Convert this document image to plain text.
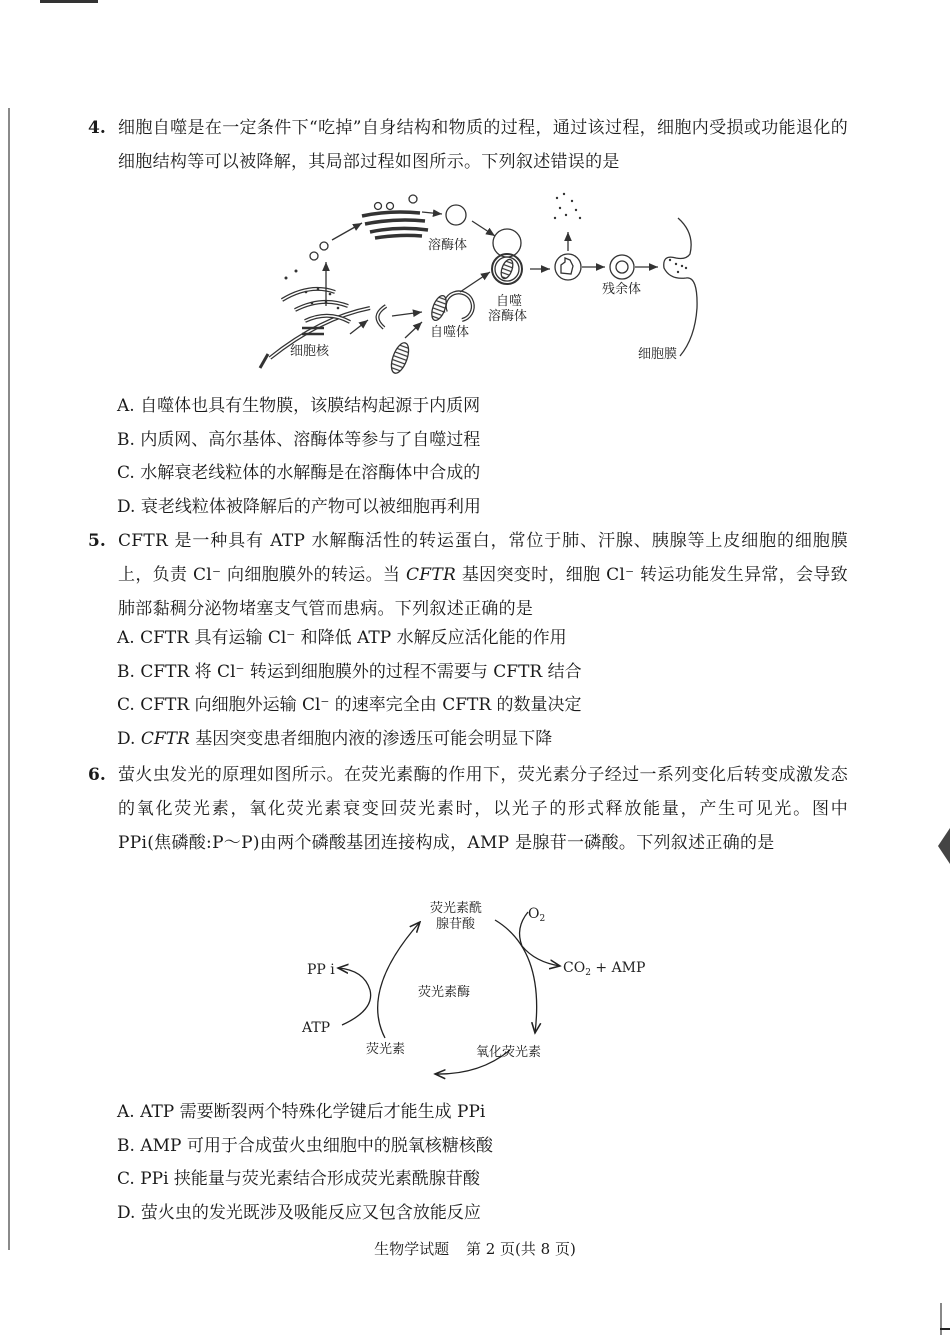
4. 细胞自噬是在一定条件下“吃掉”自身结构和物质的过程，通过该过程，细胞内受损或功能退化的细胞结构等可以被降解，其局部过程如图所示。下列叙述错误的是
溶酶体
自噬
溶酶体
残余体
细胞核
自噬体
细胞膜
A. 自噬体也具有生物膜，该膜结构起源于内质网
B. 内质网、高尔基体、溶酶体等参与了自噬过程
C. 水解衰老线粒体的水解酶是在溶酶体中合成的
D. 衰老线粒体被降解后的产物可以被细胞再利用
5. CFTR 是一种具有 ATP 水解酶活性的转运蛋白，常位于肺、汗腺、胰腺等上皮细胞的细胞膜上，负责 Cl⁻ 向细胞膜外的转运。当 CFTR 基因突变时，细胞 Cl⁻ 转运功能发生异常，会导致肺部黏稠分泌物堵塞支气管而患病。下列叙述正确的是
A. CFTR 具有运输 Cl⁻ 和降低 ATP 水解反应活化能的作用
B. CFTR 将 Cl⁻ 转运到细胞膜外的过程不需要与 CFTR 结合
C. CFTR 向细胞外运输 Cl⁻ 的速率完全由 CFTR 的数量决定
D. CFTR 基因突变患者细胞内液的渗透压可能会明显下降
6. 萤火虫发光的原理如图所示。在荧光素酶的作用下，荧光素分子经过一系列变化后转变成激发态的氧化荧光素，氧化荧光素衰变回荧光素时，以光子的形式释放能量，产生可见光。图中 PPi(焦磷酸:P～P)由两个磷酸基团连接构成，AMP 是腺苷一磷酸。下列叙述正确的是
荧光素酰
腺苷酸
$O_2$
$CO_2$ + AMP
PP i
ATP
荧光素酶
荧光素	氧化荧光素
A. ATP 需要断裂两个特殊化学键后才能生成 PPi
B. AMP 可用于合成萤火虫细胞中的脱氧核糖核酸
C. PPi 挟能量与荧光素结合形成荧光素酰腺苷酸
D. 萤火虫的发光既涉及吸能反应又包含放能反应
生物学试题 第 2 页(共 8 页)
